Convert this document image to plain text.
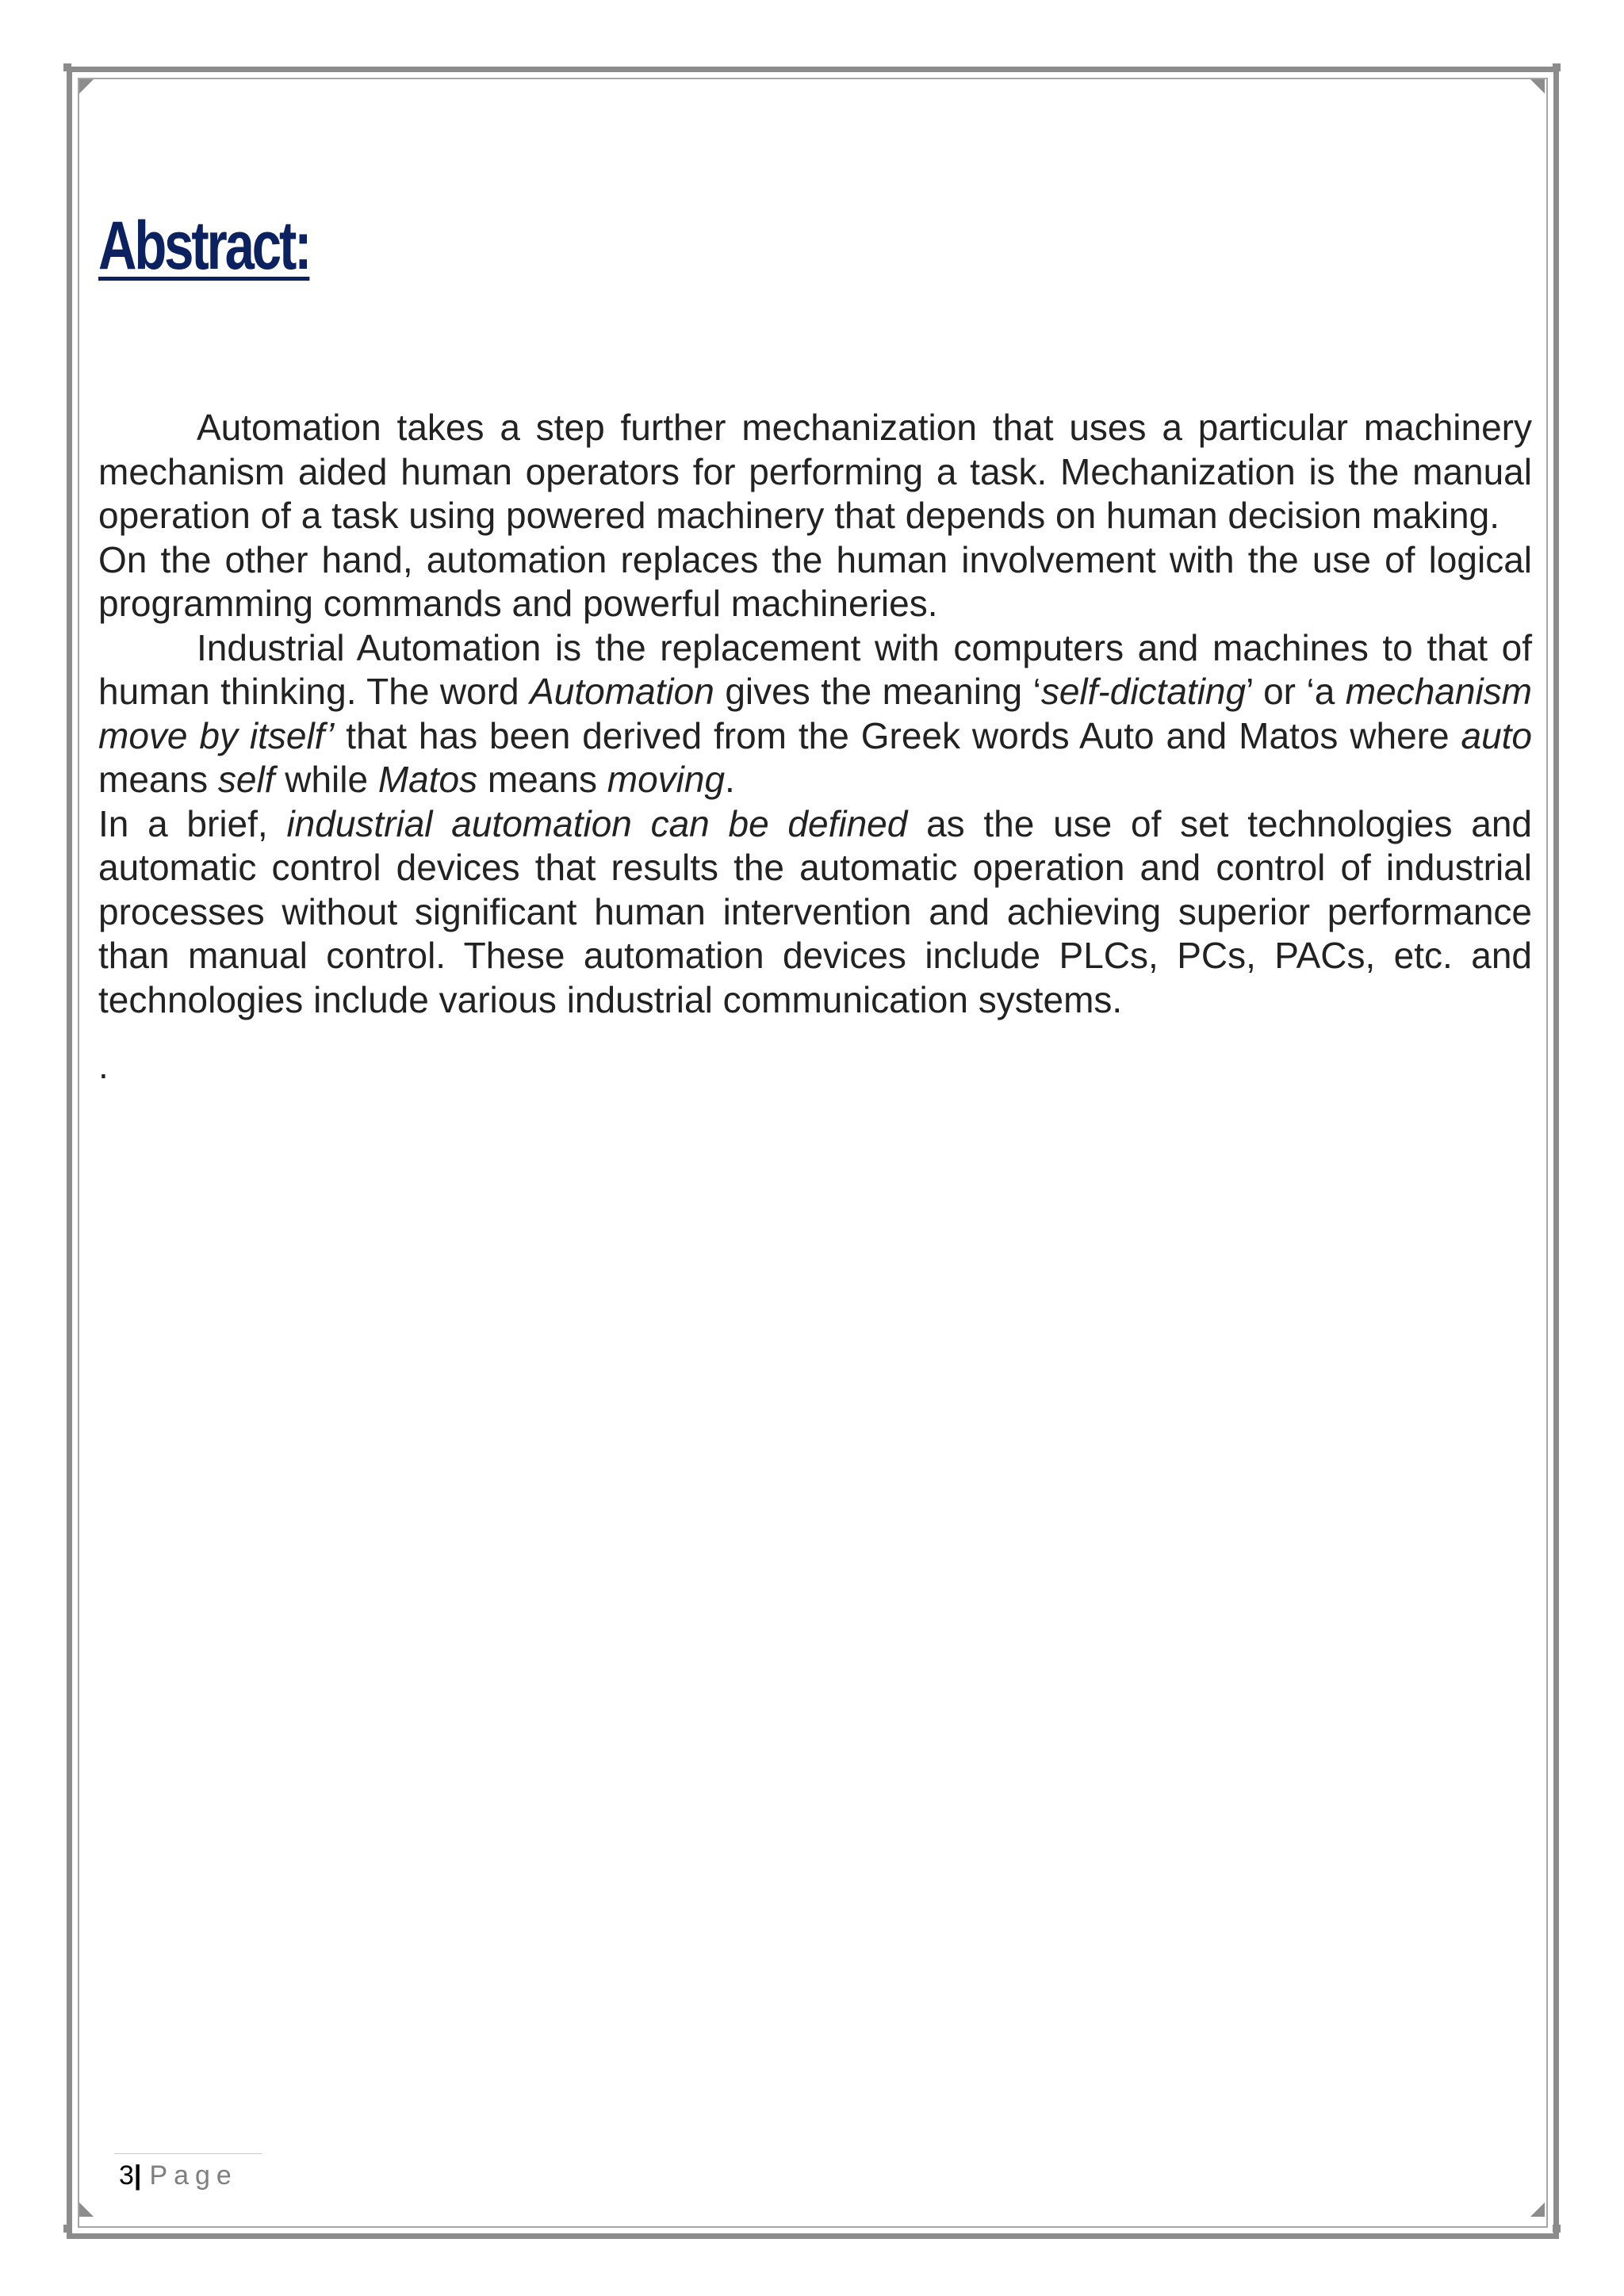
Abstract:

Automation takes a step further mechanization that uses a particular machinery mechanism aided human operators for performing a task. Mechanization is the manual operation of a task using powered machinery that depends on human decision making.

On the other hand, automation replaces the human involvement with the use of logical programming commands and powerful machineries.

Industrial Automation is the replacement with computers and machines to that of human thinking. The word Automation gives the meaning ‘self-dictating’ or ‘a mechanism move by itself’ that has been derived from the Greek words Auto and Matos where auto means self while Matos means moving.

In a brief, industrial automation can be defined as the use of set technologies and automatic control devices that results the automatic operation and control of industrial processes without significant human intervention and achieving superior performance than manual control. These automation devices include PLCs, PCs, PACs, etc. and technologies include various industrial communication systems.

.

3| Page
